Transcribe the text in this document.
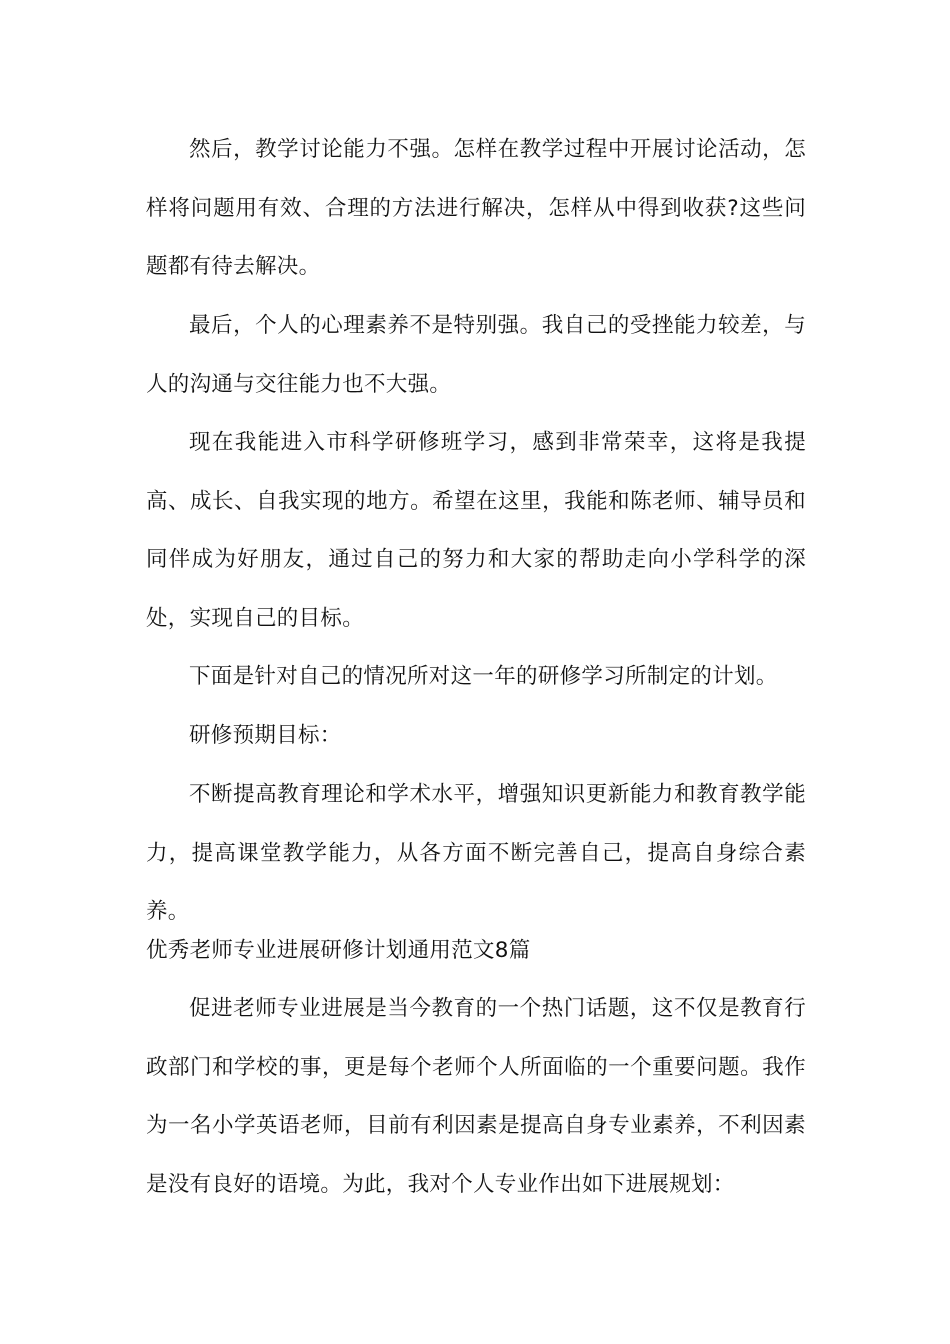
然后，教学讨论能力不强。怎样在教学过程中开展讨论活动，怎样将问题用有效、合理的方法进行解决，怎样从中得到收获?这些问题都有待去解决。

最后，个人的心理素养不是特别强。我自己的受挫能力较差，与人的沟通与交往能力也不大强。

现在我能进入市科学研修班学习，感到非常荣幸，这将是我提高、成长、自我实现的地方。希望在这里，我能和陈老师、辅导员和同伴成为好朋友，通过自己的努力和大家的帮助走向小学科学的深处，实现自己的目标。

下面是针对自己的情况所对这一年的研修学习所制定的计划。

研修预期目标：

不断提高教育理论和学术水平，增强知识更新能力和教育教学能力，提高课堂教学能力，从各方面不断完善自己，提高自身综合素养。

优秀老师专业进展研修计划通用范文8篇

促进老师专业进展是当今教育的一个热门话题，这不仅是教育行政部门和学校的事，更是每个老师个人所面临的一个重要问题。我作为一名小学英语老师，目前有利因素是提高自身专业素养，不利因素是没有良好的语境。为此，我对个人专业作出如下进展规划：
